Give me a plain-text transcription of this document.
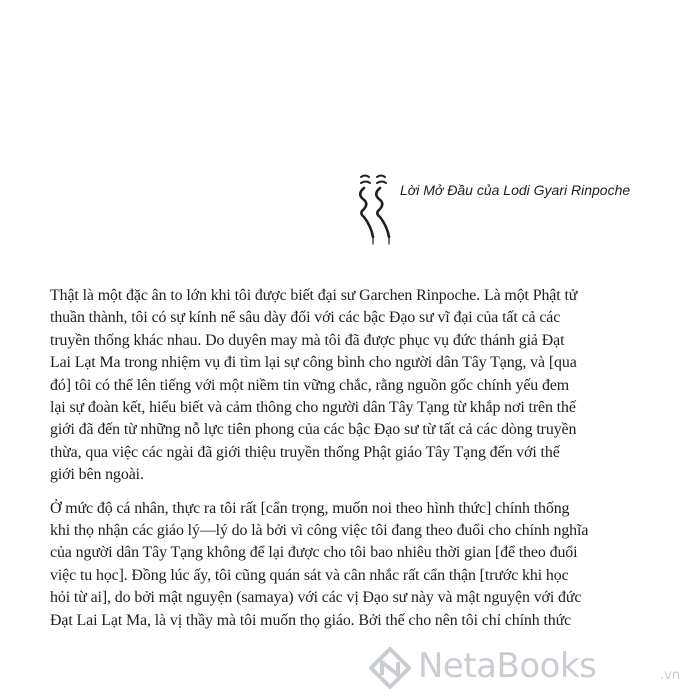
Lời Mở Đầu của Lodi Gyari Rinpoche

Thật là một đặc ân to lớn khi tôi được biết đại sư Garchen Rinpoche. Là một Phật tử
thuần thành, tôi có sự kính nể sâu dày đối với các bậc Đạo sư vĩ đại của tất cả các
truyền thống khác nhau. Do duyên may mà tôi đã được phục vụ đức thánh giả Đạt
Lai Lạt Ma trong nhiệm vụ đi tìm lại sự công bình cho người dân Tây Tạng, và [qua
đó] tôi có thể lên tiếng với một niềm tin vững chắc, rằng nguồn gốc chính yếu đem
lại sự đoàn kết, hiểu biết và cảm thông cho người dân Tây Tạng từ khắp nơi trên thế
giới đã đến từ những nỗ lực tiên phong của các bậc Đạo sư từ tất cả các dòng truyền
thừa, qua việc các ngài đã giới thiệu truyền thống Phật giáo Tây Tạng đến với thế
giới bên ngoài.

Ở mức độ cá nhân, thực ra tôi rất [cẩn trọng, muốn noi theo hình thức] chính thống
khi thọ nhận các giáo lý—lý do là bởi vì công việc tôi đang theo đuổi cho chính nghĩa
của người dân Tây Tạng không để lại được cho tôi bao nhiêu thời gian [để theo đuổi
việc tu học]. Đồng lúc ấy, tôi cũng quán sát và cân nhắc rất cẩn thận [trước khi học
hỏi từ ai], do bởi mật nguyện (samaya) với các vị Đạo sư này và mật nguyện với đức
Đạt Lai Lạt Ma, là vị thầy mà tôi muốn thọ giáo. Bởi thế cho nên tôi chỉ chính thức

NetaBooks	.vn
